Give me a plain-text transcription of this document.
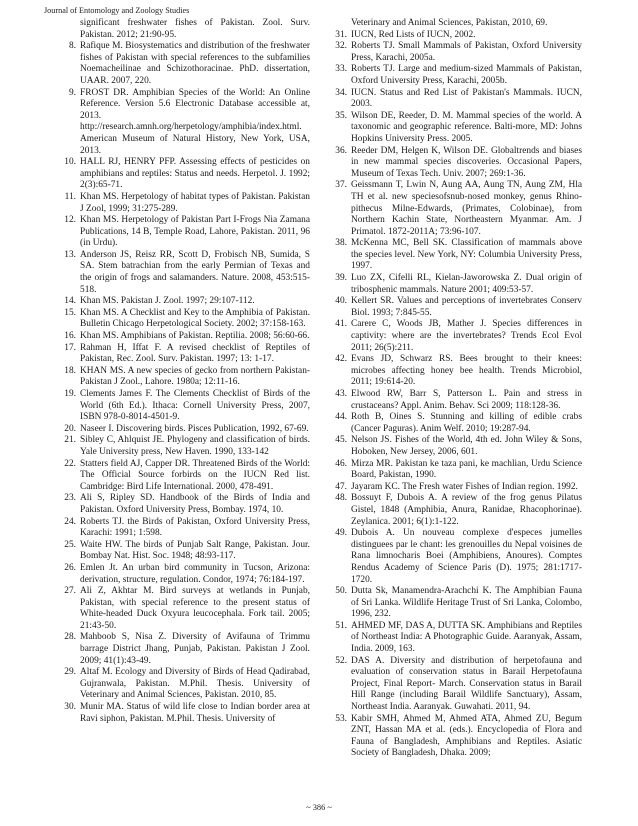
Journal of Entomology and Zoology Studies
significant freshwater fishes of Pakistan. Zool. Surv. Pakistan. 2012; 21:90-95.
8. Rafique M. Biosystematics and distribution of the freshwater fishes of Pakistan with special references to the subfamilies Noemacheilinae and Schizothoracinae. PhD. dissertation, UAAR. 2007, 220.
9. FROST DR. Amphibian Species of the World: An Online Reference. Version 5.6 Electronic Database accessible at, 2013. http://research.amnh.org/herpetology/amphibia/index.html. American Museum of Natural History, New York, USA, 2013.
10. HALL RJ, HENRY PFP. Assessing effects of pesticides on amphibians and reptiles: Status and needs. Herpetol. J. 1992; 2(3):65-71.
11. Khan MS. Herpetology of habitat types of Pakistan. Pakistan J Zool, 1999; 31:275-289.
12. Khan MS. Herpetology of Pakistan Part I-Frogs Nia Zamana Publications, 14 B, Temple Road, Lahore, Pakistan. 2011, 96 (in Urdu).
13. Anderson JS, Reisz RR, Scott D, Frobisch NB, Sumida, S SA. Stem batrachian from the early Permian of Texas and the origin of frogs and salamanders. Nature. 2008, 453:515-518.
14. Khan MS. Pakistan J. Zool. 1997; 29:107-112.
15. Khan MS. A Checklist and Key to the Amphibia of Pakistan. Bulletin Chicago Herpetological Society. 2002; 37:158-163.
16. Khan MS. Amphibians of Pakistan. Reptilia. 2008; 56:60-66.
17. Rahman H, Iffat F. A revised checklist of Reptiles of Pakistan, Rec. Zool. Surv. Pakistan. 1997; 13: 1-17.
18. KHAN MS. A new species of gecko from northern Pakistan- Pakistan J Zool., Lahore. 1980a; 12:11-16.
19. Clements James F. The Clements Checklist of Birds of the World (6th Ed.). Ithaca: Cornell University Press, 2007, ISBN 978-0-8014-4501-9.
20. Naseer I. Discovering birds. Pisces Publication, 1992, 67-69.
21. Sibley C, Ahlquist JE. Phylogeny and classification of birds. Yale University press, New Haven. 1990, 133-142
22. Statters field AJ, Capper DR. Threatened Birds of the World: The Official Source forbirds on the IUCN Red list. Cambridge: Bird Life International. 2000, 478-491.
23. Ali S, Ripley SD. Handbook of the Birds of India and Pakistan. Oxford University Press, Bombay. 1974, 10.
24. Roberts TJ. the Birds of Pakistan, Oxford University Press, Karachi: 1991; 1:598.
25. Waite HW. The birds of Punjab Salt Range, Pakistan. Jour. Bombay Nat. Hist. Soc. 1948; 48:93-117.
26. Emlen Jt. An urban bird community in Tucson, Arizona: derivation, structure, regulation. Condor, 1974; 76:184-197.
27. Ali Z, Akhtar M. Bird surveys at wetlands in Punjab, Pakistan, with special reference to the present status of White-headed Duck Oxyura leucocephala. Fork tail. 2005; 21:43-50.
28. Mahboob S, Nisa Z. Diversity of Avifauna of Trimmu barrage District Jhang, Punjab, Pakistan. Pakistan J Zool. 2009; 41(1):43-49.
29. Altaf M. Ecology and Diversity of Birds of Head Qadirabad, Gujranwala, Pakistan. M.Phil. Thesis. University of Veterinary and Animal Sciences, Pakistan. 2010, 85.
30. Munir MA. Status of wild life close to Indian border area at Ravi siphon, Pakistan. M.Phil. Thesis. University of
Veterinary and Animal Sciences, Pakistan, 2010, 69.
31. IUCN, Red Lists of IUCN, 2002.
32. Roberts TJ. Small Mammals of Pakistan, Oxford University Press, Karachi, 2005a.
33. Roberts TJ. Large and medium-sized Mammals of Pakistan, Oxford University Press, Karachi, 2005b.
34. IUCN. Status and Red List of Pakistan's Mammals. IUCN, 2003.
35. Wilson DE, Reeder, D. M. Mammal species of the world. A taxonomic and geographic reference. Balti-more, MD: Johns Hopkins University Press. 2005.
36. Reeder DM, Helgen K, Wilson DE. Globaltrends and biases in new mammal species discoveries. Occasional Papers, Museum of Texas Tech. Univ. 2007; 269:1-36.
37. Geissmann T, Lwin N, Aung AA, Aung TN, Aung ZM, Hla TH et al. new speciesofsnub-nosed monkey, genus Rhino-pithecus Milne-Edwards, (Primates, Colobinae), from Northern Kachin State, Northeastern Myanmar. Am. J Primatol. 1872-2011A; 73:96-107.
38. McKenna MC, Bell SK. Classification of mammals above the species level. New York, NY: Columbia University Press, 1997.
39. Luo ZX, Cifelli RL, Kielan-Jaworowska Z. Dual origin of tribosphenic mammals. Nature 2001; 409:53-57.
40. Kellert SR. Values and perceptions of invertebrates Conserv Biol. 1993; 7:845-55.
41. Carere C, Woods JB, Mather J. Species differences in captivity: where are the invertebrates? Trends Ecol Evol 2011; 26(5):211.
42. Evans JD, Schwarz RS. Bees brought to their knees: microbes affecting honey bee health. Trends Microbiol, 2011; 19:614-20.
43. Elwood RW, Barr S, Patterson L. Pain and stress in crustaceans? Appl. Anim. Behav. Sci 2009; 118:128-36.
44. Roth B, Oines S. Stunning and killing of edible crabs (Cancer Paguras). Anim Welf. 2010; 19:287-94.
45. Nelson JS. Fishes of the World, 4th ed. John Wiley & Sons, Hoboken, New Jersey, 2006, 601.
46. Mirza MR. Pakistan ke taza pani, ke machlian, Urdu Science Board, Pakistan, 1990.
47. Jayaram KC. The Fresh water Fishes of Indian region. 1992.
48. Bossuyt F, Dubois A. A review of the frog genus Pilatus Gistel, 1848 (Amphibia, Anura, Ranidae, Rhacophorinae). Zeylanica. 2001; 6(1):1-122.
49. Dubois A. Un nouveau complexe d'especes jumelles distinguees par le chant: les grenouilles du Nepal voisines de Rana limnocharis Boei (Amphibiens, Anoures). Comptes Rendus Academy of Science Paris (D). 1975; 281:1717-1720.
50. Dutta Sk, Manamendra-Arachchi K. The Amphibian Fauna of Sri Lanka. Wildlife Heritage Trust of Sri Lanka, Colombo, 1996, 232.
51. AHMED MF, DAS A, DUTTA SK. Amphibians and Reptiles of Northeast India: A Photographic Guide. Aaranyak, Assam, India. 2009, 163.
52. DAS A. Diversity and distribution of herpetofauna and evaluation of conservation status in Barail Herpetofauna Project, Final Report- March. Conservation status in Barail Hill Range (including Barail Wildlife Sanctuary), Assam, Northeast India. Aaranyak. Guwahati. 2011, 94.
53. Kabir SMH, Ahmed M, Ahmed ATA, Ahmed ZU, Begum ZNT, Hassan MA et al. (eds.). Encyclopedia of Flora and Fauna of Bangladesh, Amphibians and Reptiles. Asiatic Society of Bangladesh, Dhaka. 2009;
~ 386 ~
